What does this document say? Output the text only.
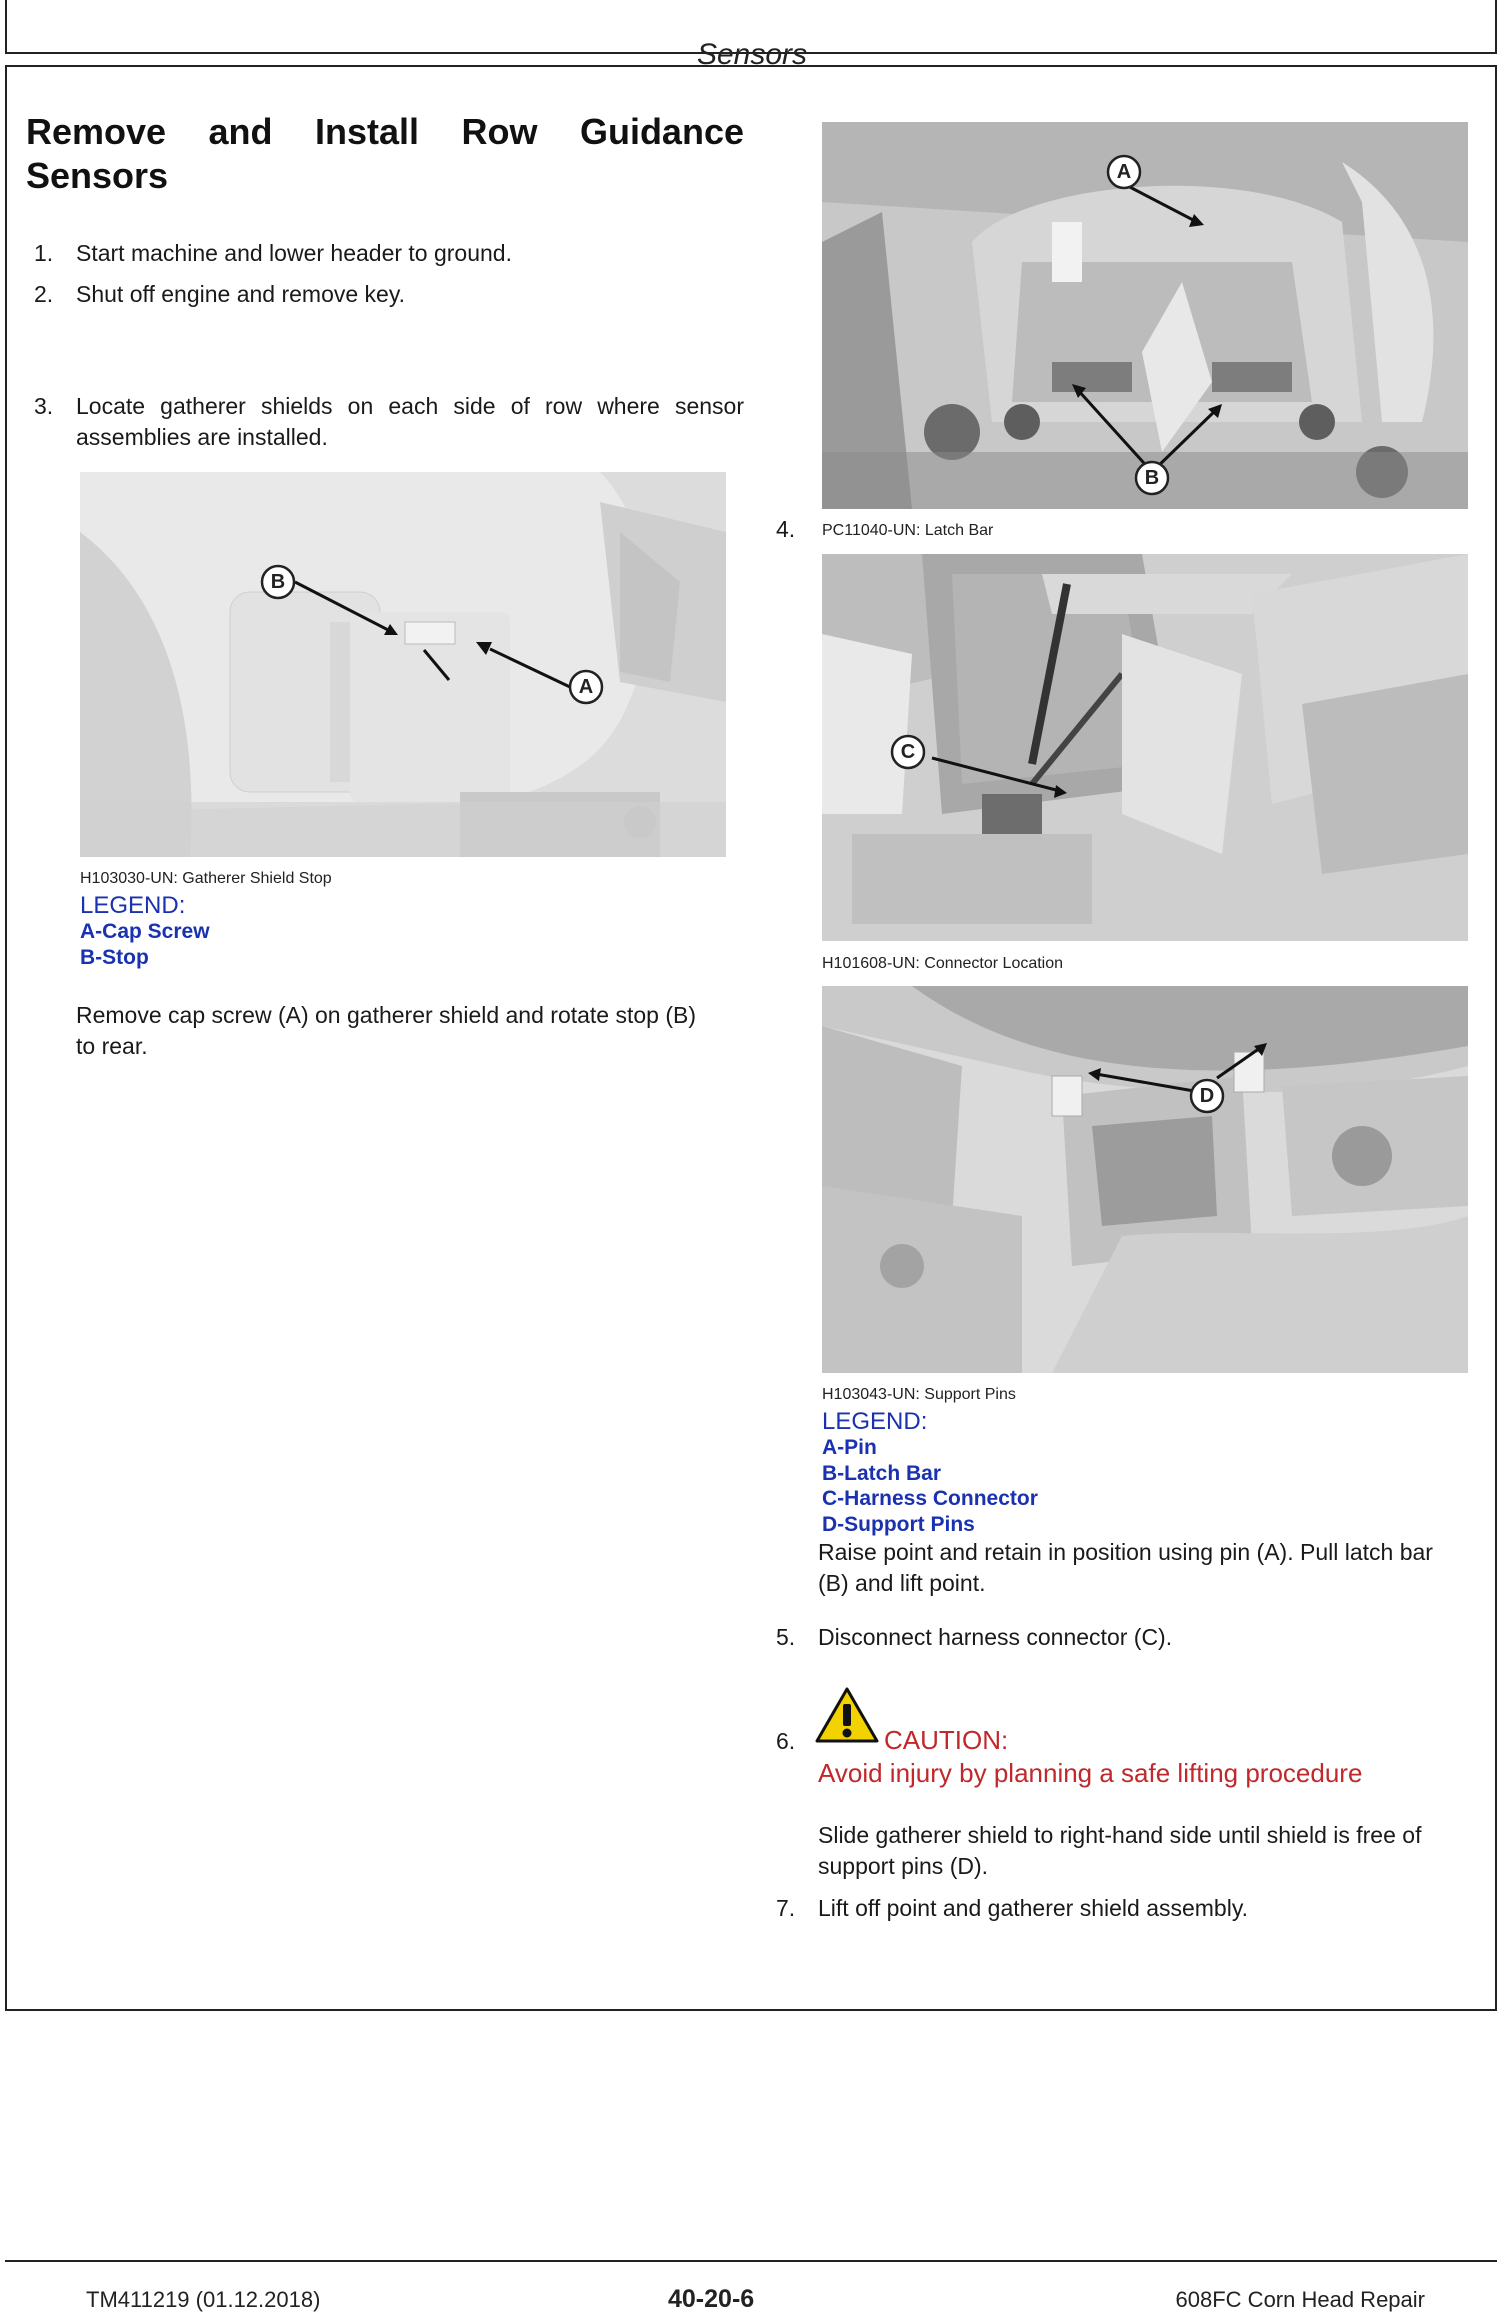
Sensors
Remove and Install Row Guidance
Sensors
1. Start machine and lower header to ground.
2. Shut off engine and remove key.
3. Locate gatherer shields on each side of row where sensor
assemblies are installed.
B
A
H103030-UN: Gatherer Shield Stop
LEGEND:
A-Cap Screw
B-Stop
Remove cap screw (A) on gatherer shield and rotate stop (B)
to rear.
A
B
4. PC11040-UN: Latch Bar
C
H101608-UN: Connector Location
D
H103043-UN: Support Pins
LEGEND:
A-Pin
B-Latch Bar
C-Harness Connector
D-Support Pins
Raise point and retain in position using pin (A). Pull latch bar
(B) and lift point.
5. Disconnect harness connector (C).
6.	CAUTION:
Avoid injury by planning a safe lifting procedure
Slide gatherer shield to right-hand side until shield is free of
support pins (D).
7. Lift off point and gatherer shield assembly.
TM411219 (01.12.2018)	40-20-6	608FC Corn Head Repair
